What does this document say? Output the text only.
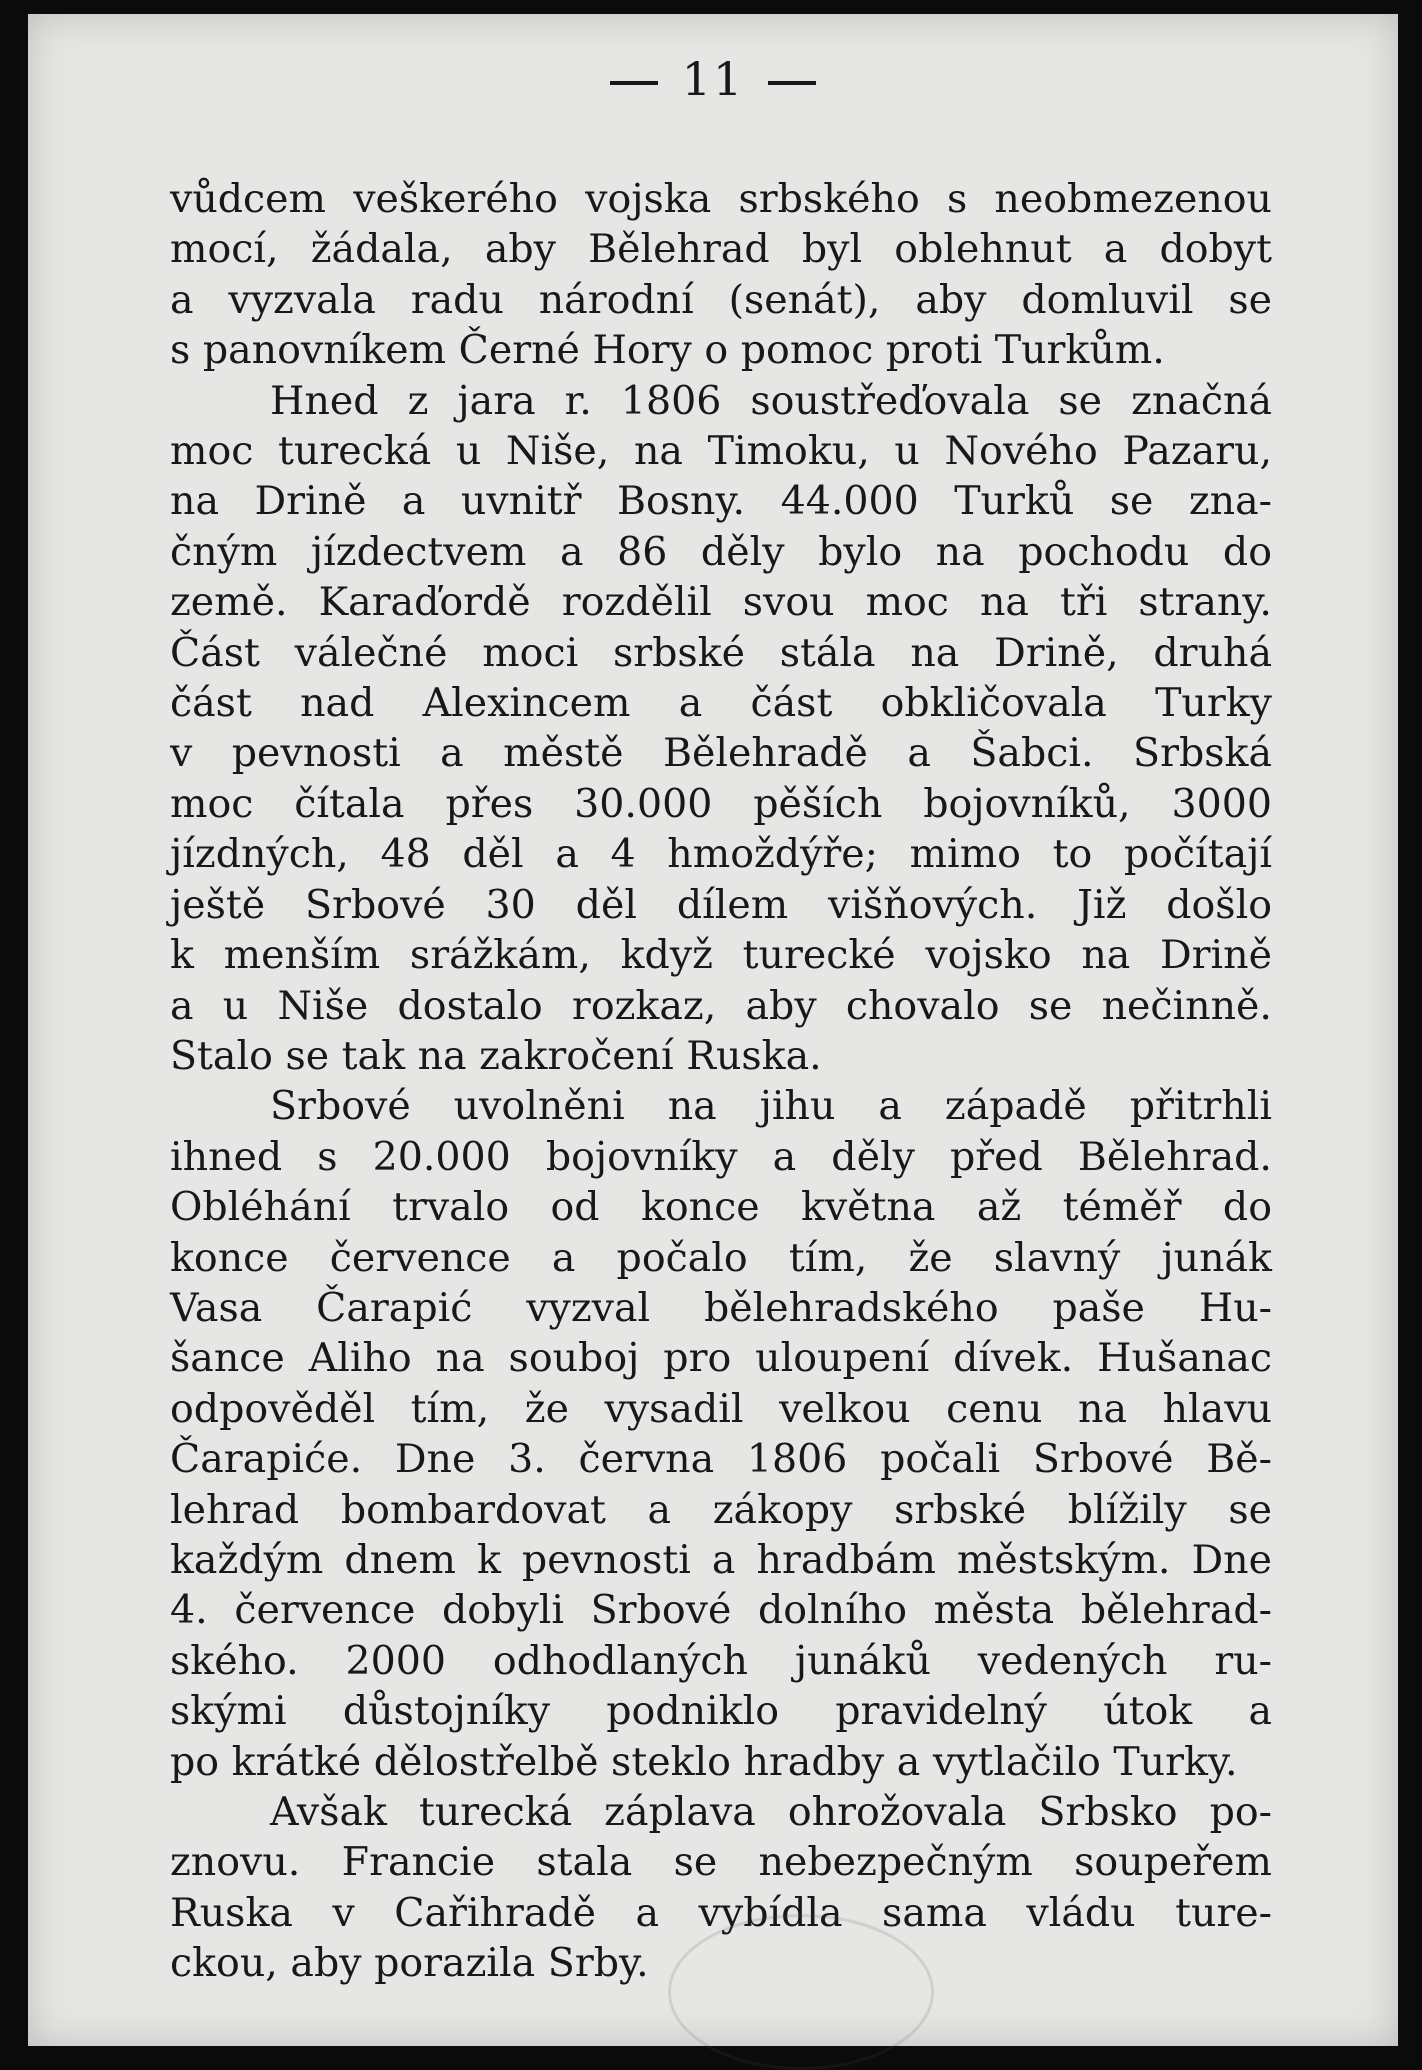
11
vůdcem veškerého vojska srbského s neobmezenou
mocí, žádala, aby Bělehrad byl oblehnut a dobyt
a vyzvala radu národní (senát), aby domluvil se
s panovníkem Černé Hory o pomoc proti Turkům.
Hned z jara r. 1806 soustřeďovala se značná
moc turecká u Niše, na Timoku, u Nového Pazaru,
na Drině a uvnitř Bosny. 44.000 Turků se zna-
čným jízdectvem a 86 děly bylo na pochodu do
země. Karaďordě rozdělil svou moc na tři strany.
Část válečné moci srbské stála na Drině, druhá
část nad Alexincem a část obkličovala Turky
v pevnosti a městě Bělehradě a Šabci. Srbská
moc čítala přes 30.000 pěších bojovníků, 3000
jízdných, 48 děl a 4 hmoždýře; mimo to počítají
ještě Srbové 30 děl dílem višňových. Již došlo
k menším srážkám, když turecké vojsko na Drině
a u Niše dostalo rozkaz, aby chovalo se nečinně.
Stalo se tak na zakročení Ruska.
Srbové uvolněni na jihu a západě přitrhli
ihned s 20.000 bojovníky a děly před Bělehrad.
Obléhání trvalo od konce května až téměř do
konce července a počalo tím, že slavný junák
Vasa Čarapić vyzval bělehradského paše Hu-
šance Aliho na souboj pro uloupení dívek. Hušanac
odpověděl tím, že vysadil velkou cenu na hlavu
Čarapiće. Dne 3. června 1806 počali Srbové Bě-
lehrad bombardovat a zákopy srbské blížily se
každým dnem k pevnosti a hradbám městským. Dne
4. července dobyli Srbové dolního města bělehrad-
ského. 2000 odhodlaných junáků vedených ru-
skými důstojníky podniklo pravidelný útok a
po krátké dělostřelbě steklo hradby a vytlačilo Turky.
Avšak turecká záplava ohrožovala Srbsko po-
znovu. Francie stala se nebezpečným soupeřem
Ruska v Cařihradě a vybídla sama vládu ture-
ckou, aby porazila Srby.
